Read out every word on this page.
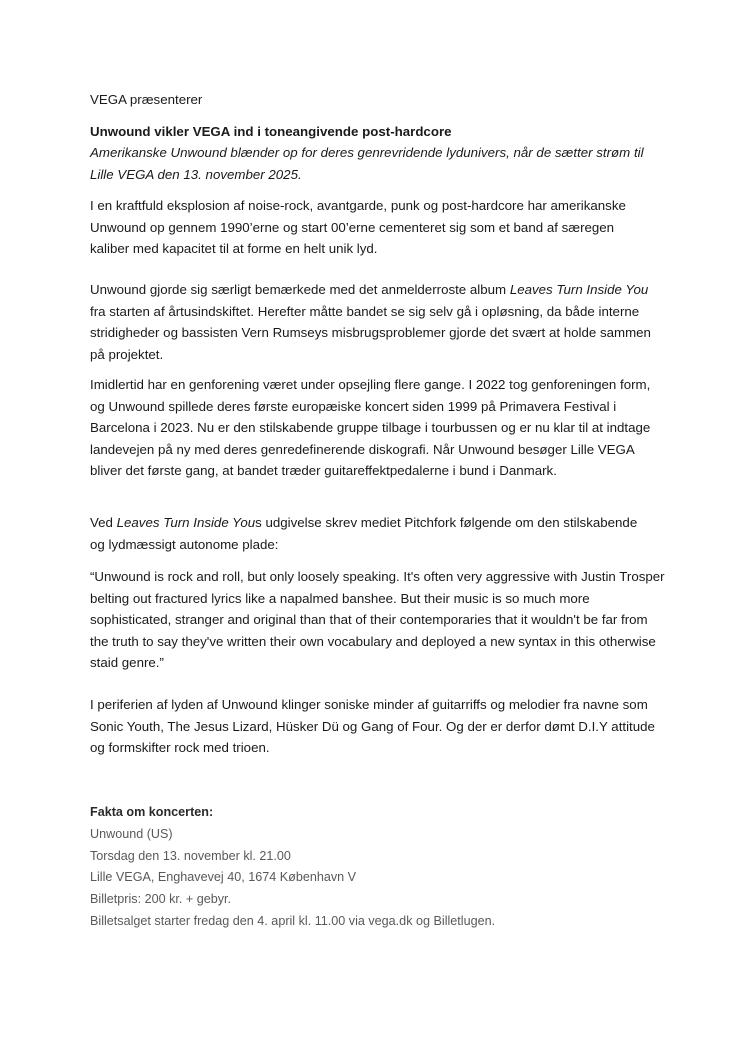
VEGA præsenterer

Unwound vikler VEGA ind i toneangivende post-hardcore

Amerikanske Unwound blænder op for deres genrevridende lydunivers, når de sætter strøm til Lille VEGA den 13. november 2025.

I en kraftfuld eksplosion af noise-rock, avantgarde, punk og post-hardcore har amerikanske Unwound op gennem 1990’erne og start 00’erne cementeret sig som et band af særegen kaliber med kapacitet til at forme en helt unik lyd.

Unwound gjorde sig særligt bemærkede med det anmelderroste album Leaves Turn Inside You fra starten af årtusindskiftet. Herefter måtte bandet se sig selv gå i opløsning, da både interne stridigheder og bassisten Vern Rumseys misbrugsproblemer gjorde det svært at holde sammen på projektet.

Imidlertid har en genforening været under opsejling flere gange. I 2022 tog genforeningen form, og Unwound spillede deres første europæiske koncert siden 1999 på Primavera Festival i Barcelona i 2023. Nu er den stilskabende gruppe tilbage i tourbussen og er nu klar til at indtage landevejen på ny med deres genredefinerende diskografi. Når Unwound besøger Lille VEGA bliver det første gang, at bandet træder guitareffektpedalerne i bund i Danmark.

Ved Leaves Turn Inside Yous udgivelse skrev mediet Pitchfork følgende om den stilskabende og lydmæssigt autonome plade:

“Unwound is rock and roll, but only loosely speaking. It's often very aggressive with Justin Trosper belting out fractured lyrics like a napalmed banshee. But their music is so much more sophisticated, stranger and original than that of their contemporaries that it wouldn't be far from the truth to say they've written their own vocabulary and deployed a new syntax in this otherwise staid genre.”

I periferien af lyden af Unwound klinger soniske minder af guitarriffs og melodier fra navne som Sonic Youth, The Jesus Lizard, Hüsker Dü og Gang of Four. Og der er derfor dømt D.I.Y attitude og formskifter rock med trioen.

Fakta om koncerten:
Unwound (US)
Torsdag den 13. november kl. 21.00
Lille VEGA, Enghavevej 40, 1674 København V
Billetpris: 200 kr. + gebyr.
Billetsalget starter fredag den 4. april kl. 11.00 via vega.dk og Billetlugen.
